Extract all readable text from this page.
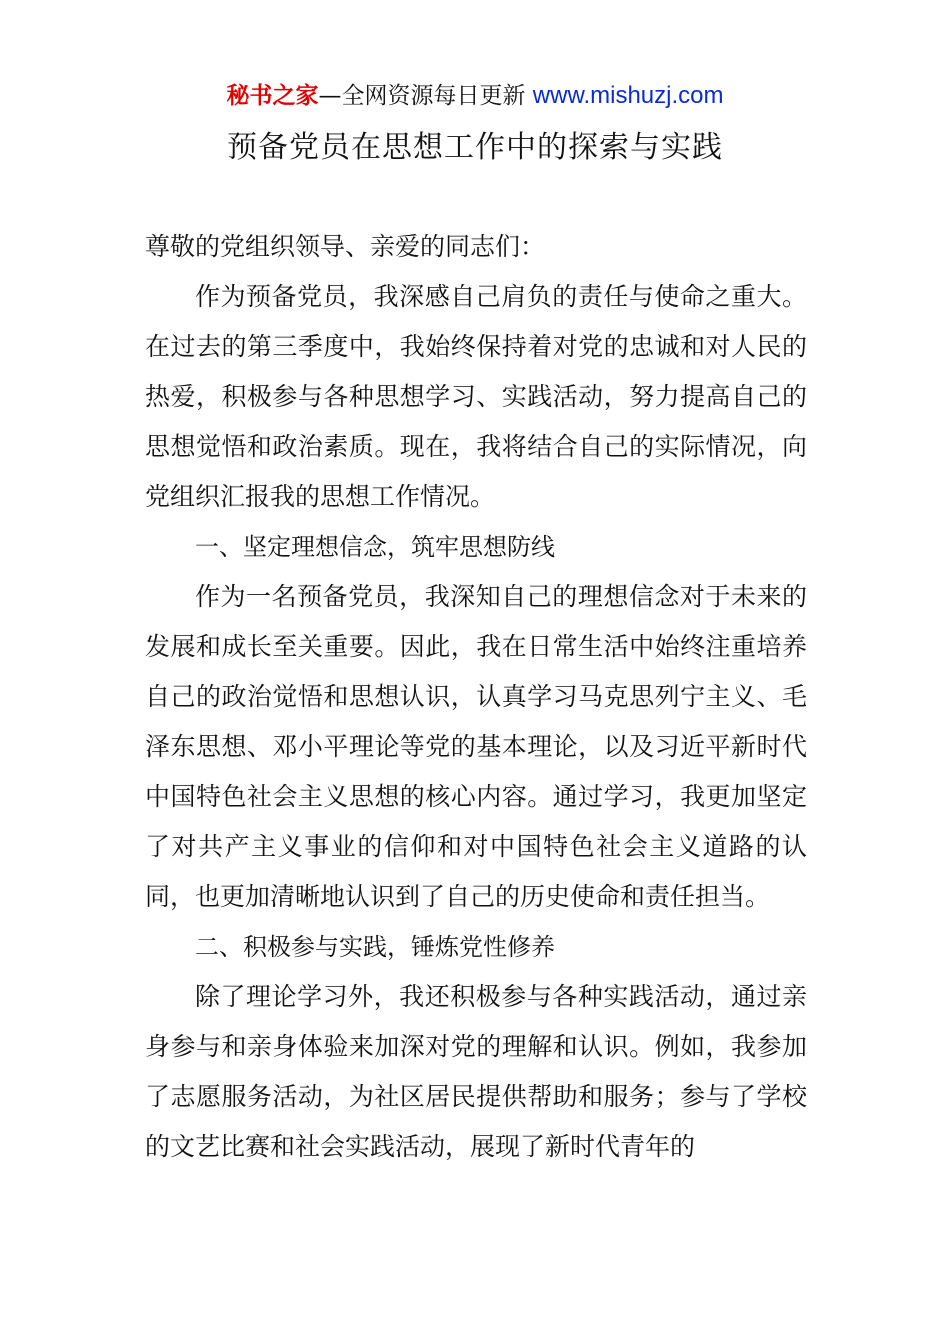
秘书之家—全网资源每日更新 www.mishuzj.com
预备党员在思想工作中的探索与实践

尊敬的党组织领导、亲爱的同志们：

作为预备党员，我深感自己肩负的责任与使命之重大。在过去的第三季度中，我始终保持着对党的忠诚和对人民的热爱，积极参与各种思想学习、实践活动，努力提高自己的思想觉悟和政治素质。现在，我将结合自己的实际情况，向党组织汇报我的思想工作情况。

一、坚定理想信念，筑牢思想防线

作为一名预备党员，我深知自己的理想信念对于未来的发展和成长至关重要。因此，我在日常生活中始终注重培养自己的政治觉悟和思想认识，认真学习马克思列宁主义、毛泽东思想、邓小平理论等党的基本理论，以及习近平新时代中国特色社会主义思想的核心内容。通过学习，我更加坚定了对共产主义事业的信仰和对中国特色社会主义道路的认同，也更加清晰地认识到了自己的历史使命和责任担当。

二、积极参与实践，锤炼党性修养

除了理论学习外，我还积极参与各种实践活动，通过亲身参与和亲身体验来加深对党的理解和认识。例如，我参加了志愿服务活动，为社区居民提供帮助和服务；参与了学校的文艺比赛和社会实践活动，展现了新时代青年的
